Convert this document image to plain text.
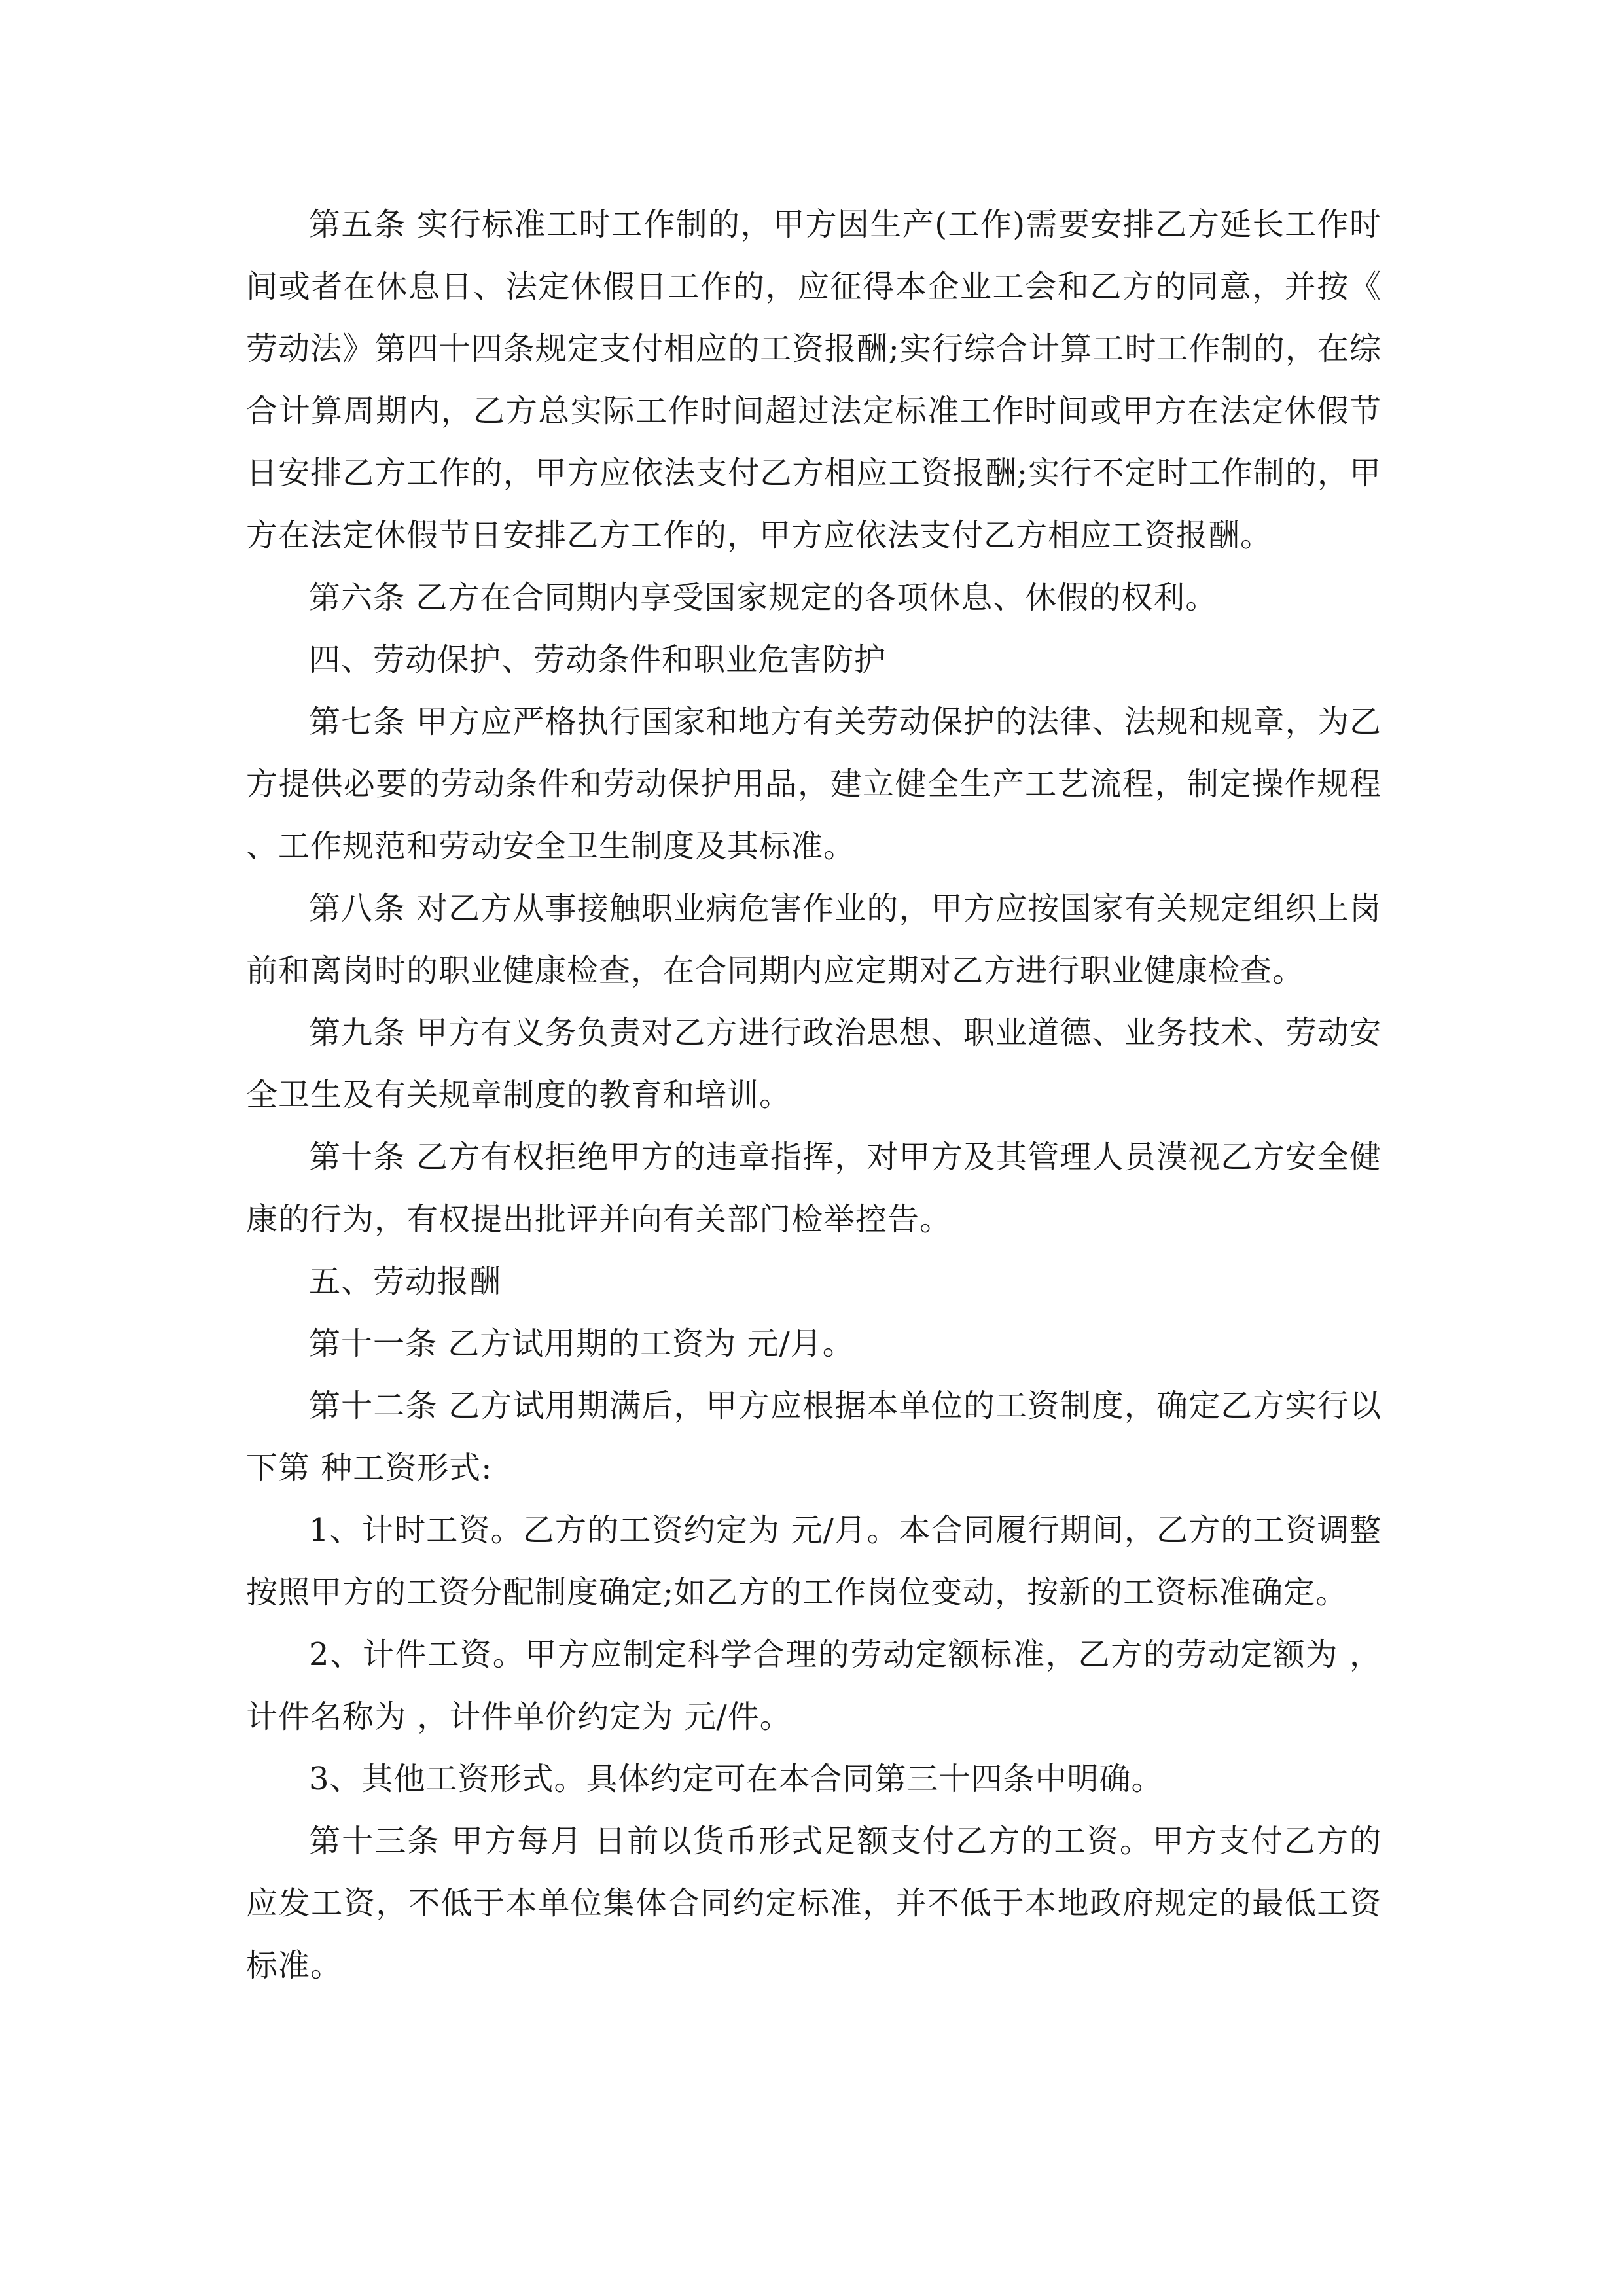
第五条 实行标准工时工作制的，甲方因生产(工作)需要安排乙方延长工作时间或者在休息日、法定休假日工作的，应征得本企业工会和乙方的同意，并按《劳动法》第四十四条规定支付相应的工资报酬;实行综合计算工时工作制的，在综合计算周期内，乙方总实际工作时间超过法定标准工作时间或甲方在法定休假节日安排乙方工作的，甲方应依法支付乙方相应工资报酬;实行不定时工作制的，甲方在法定休假节日安排乙方工作的，甲方应依法支付乙方相应工资报酬。

第六条 乙方在合同期内享受国家规定的各项休息、休假的权利。

四、劳动保护、劳动条件和职业危害防护

第七条 甲方应严格执行国家和地方有关劳动保护的法律、法规和规章，为乙方提供必要的劳动条件和劳动保护用品，建立健全生产工艺流程，制定操作规程、工作规范和劳动安全卫生制度及其标准。

第八条 对乙方从事接触职业病危害作业的，甲方应按国家有关规定组织上岗前和离岗时的职业健康检查，在合同期内应定期对乙方进行职业健康检查。

第九条 甲方有义务负责对乙方进行政治思想、职业道德、业务技术、劳动安全卫生及有关规章制度的教育和培训。

第十条 乙方有权拒绝甲方的违章指挥，对甲方及其管理人员漠视乙方安全健康的行为，有权提出批评并向有关部门检举控告。

五、劳动报酬

第十一条 乙方试用期的工资为 元/月。

第十二条 乙方试用期满后，甲方应根据本单位的工资制度，确定乙方实行以下第 种工资形式:

1、计时工资。乙方的工资约定为 元/月。本合同履行期间，乙方的工资调整按照甲方的工资分配制度确定;如乙方的工作岗位变动，按新的工资标准确定。

2、计件工资。甲方应制定科学合理的劳动定额标准，乙方的劳动定额为 ，计件名称为 ，计件单价约定为 元/件。

3、其他工资形式。具体约定可在本合同第三十四条中明确。

第十三条 甲方每月 日前以货币形式足额支付乙方的工资。甲方支付乙方的应发工资，不低于本单位集体合同约定标准，并不低于本地政府规定的最低工资标准。
